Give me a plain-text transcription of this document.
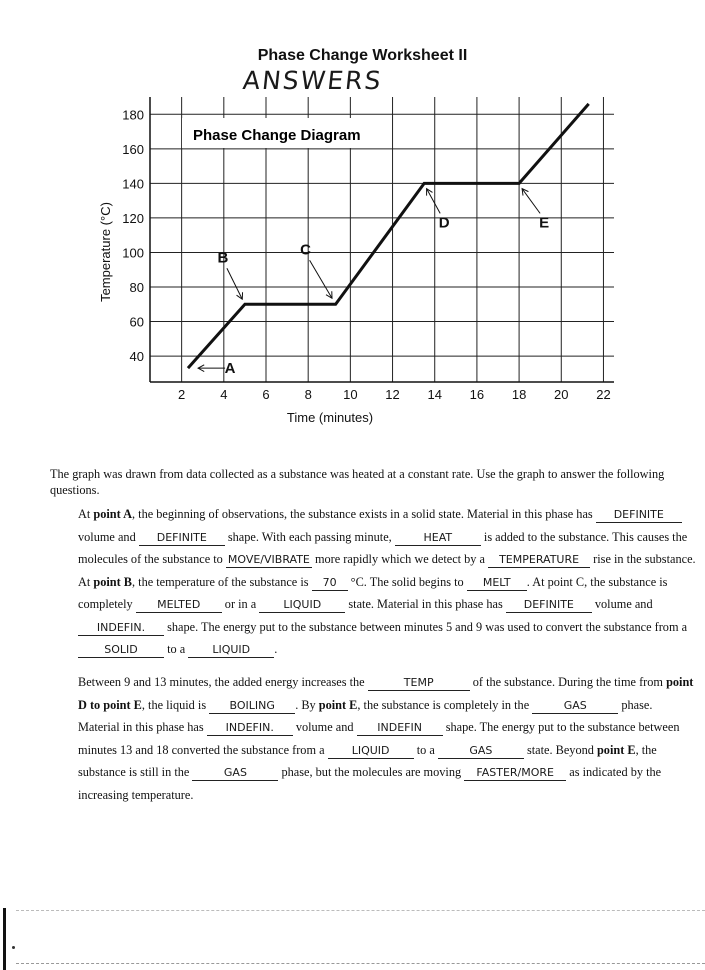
Phase Change Worksheet II
ANSWERS
Phase Change Diagram
40
60
80
100
120
140
160
180
2	4	6	8 10 12 14 16 18 20 22
Time (minutes)
Temperature (°C)
A
B	C
D	E
The graph was drawn from data collected as a substance was heated at a constant rate. Use the graph to answer the following questions.
At point A, the beginning of observations, the substance exists in a solid state. Material in this phase has DEFINITE volume and DEFINITE shape. With each passing minute,	HEAT is added to the substance. This causes the molecules of the substance to MOVE/VIBRATE more rapidly which we detect by a TEMPERATURE rise in the substance. At point B, the temperature of the substance is 70 °C. The solid begins to MELT . At point C, the substance is completely MELTED or in a LIQUID state. Material in this phase has DEFINITE volume and INDEFIN. shape. The energy put to the substance between minutes 5 and 9 was used to convert the substance from a SOLID to a LIQUID .
Between 9 and 13 minutes, the added energy increases the	TEMP	of the substance. During the time from point D to point E, the liquid is BOILING . By point E, the substance is completely in the	GAS	phase. Material in this phase has INDEFIN. volume and INDEFIN shape. The energy put to the substance between minutes 13 and 18 converted the substance from a LIQUID to a	GAS	state. Beyond point E, the substance is still in the	GAS	phase, but the molecules are moving FASTER/MORE as indicated by the increasing temperature.
